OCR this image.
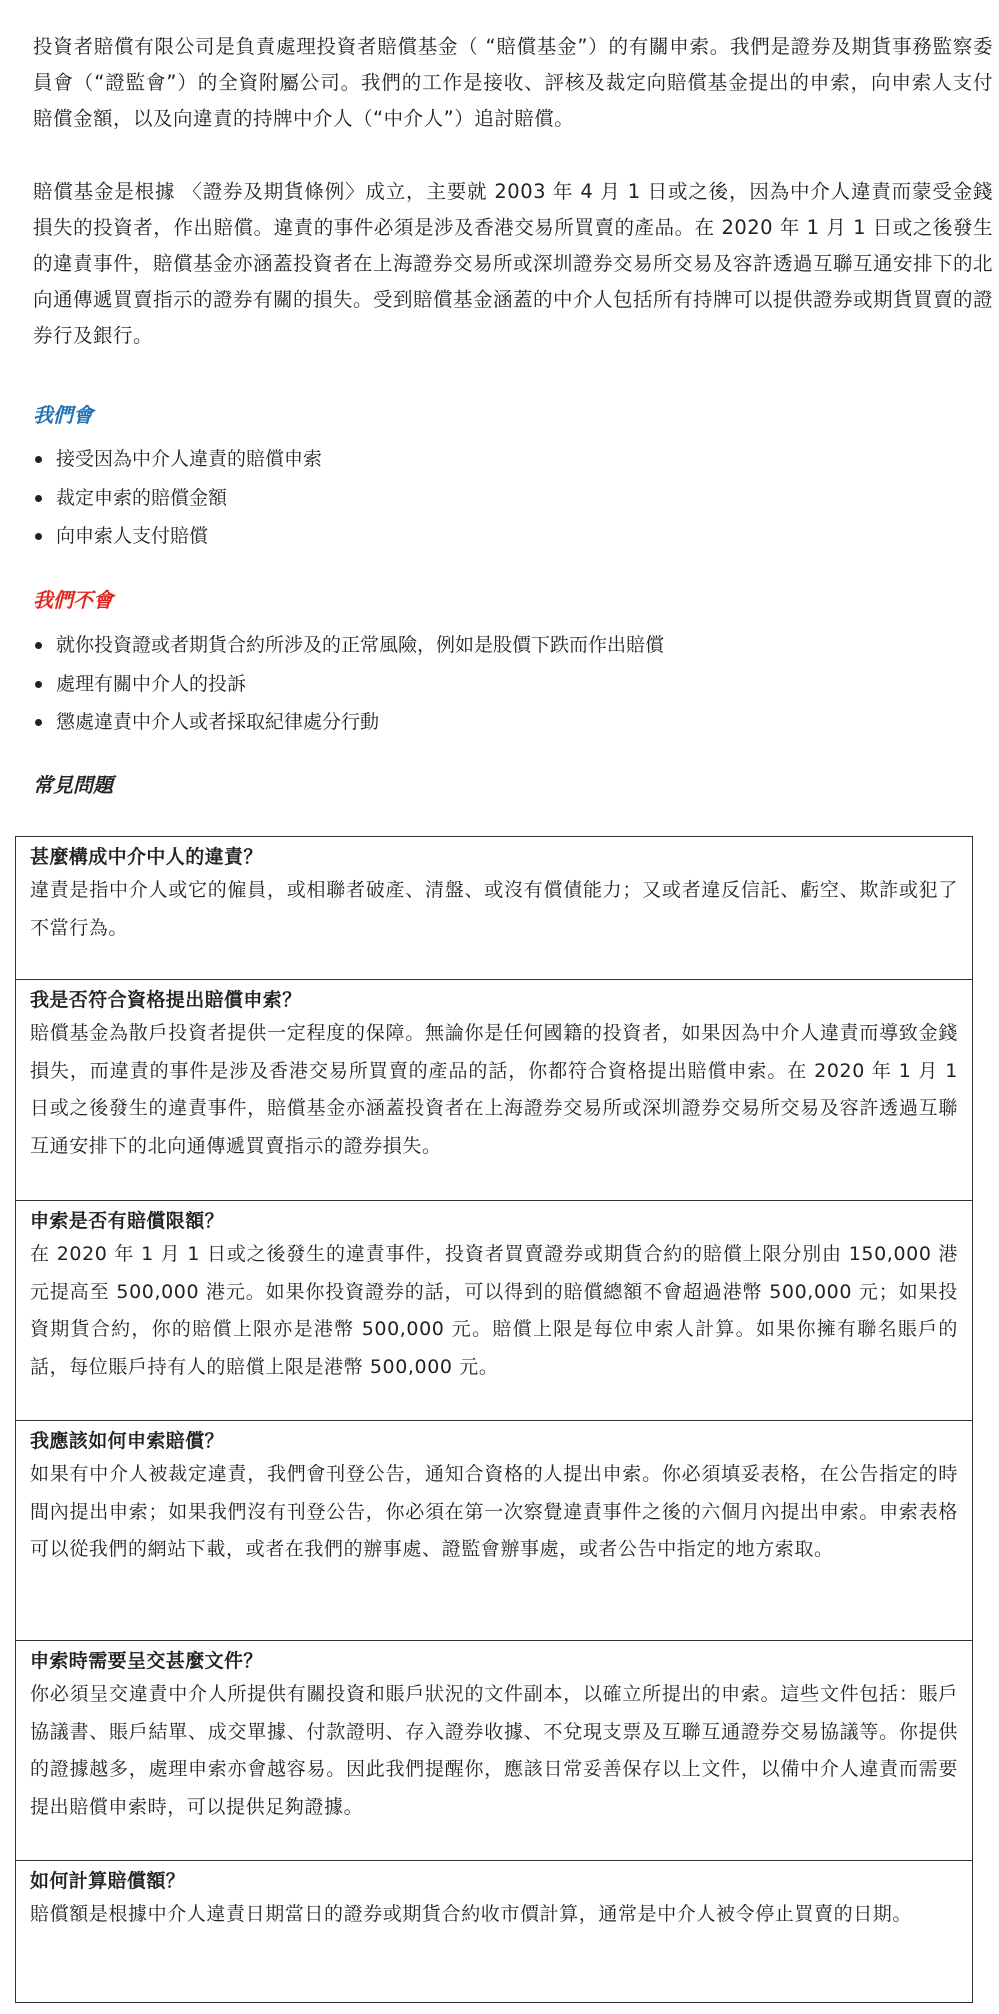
投資者賠償有限公司是負責處理投資者賠償基金（ “賠償基金”）的有關申索。我們是證券及期貨事務監察委員會（“證監會”）的全資附屬公司。我們的工作是接收、評核及裁定向賠償基金提出的申索，向申索人支付賠償金額，以及向違責的持牌中介人（“中介人”）追討賠償。

賠償基金是根據 〈證券及期貨條例〉成立，主要就 2003 年 4 月 1 日或之後，因為中介人違責而蒙受金錢損失的投資者，作出賠償。違責的事件必須是涉及香港交易所買賣的產品。在 2020 年 1 月 1 日或之後發生的違責事件，賠償基金亦涵蓋投資者在上海證券交易所或深圳證券交易所交易及容許透過互聯互通安排下的北向通傳遞買賣指示的證券有關的損失。受到賠償基金涵蓋的中介人包括所有持牌可以提供證券或期貨買賣的證券行及銀行。

我們會
接受因為中介人違責的賠償申索
裁定申索的賠償金額
向申索人支付賠償
我們不會
就你投資證或者期貨合約所涉及的正常風險，例如是股價下跌而作出賠償
處理有關中介人的投訴
懲處違責中介人或者採取紀律處分行動
常見問題
甚麼構成中介中人的違責？
違責是指中介人或它的僱員，或相聯者破產、清盤、或沒有償債能力；又或者違反信託、虧空、欺詐或犯了不當行為。
我是否符合資格提出賠償申索？
賠償基金為散戶投資者提供一定程度的保障。無論你是任何國籍的投資者，如果因為中介人違責而導致金錢損失，而違責的事件是涉及香港交易所買賣的產品的話，你都符合資格提出賠償申索。在 2020 年 1 月 1 日或之後發生的違責事件，賠償基金亦涵蓋投資者在上海證券交易所或深圳證券交易所交易及容許透過互聯互通安排下的北向通傳遞買賣指示的證券損失。
申索是否有賠償限額？
在 2020 年 1 月 1 日或之後發生的違責事件，投資者買賣證券或期貨合約的賠償上限分別由 150,000 港元提高至 500,000 港元。如果你投資證券的話，可以得到的賠償總額不會超過港幣 500,000 元；如果投資期貨合約，你的賠償上限亦是港幣 500,000 元。賠償上限是每位申索人計算。如果你擁有聯名賬戶的話，每位賬戶持有人的賠償上限是港幣 500,000 元。
我應該如何申索賠償？
如果有中介人被裁定違責，我們會刊登公告，通知合資格的人提出申索。你必須填妥表格，在公告指定的時間內提出申索；如果我們沒有刊登公告，你必須在第一次察覺違責事件之後的六個月內提出申索。申索表格可以從我們的網站下載，或者在我們的辦事處、證監會辦事處，或者公告中指定的地方索取。
申索時需要呈交甚麼文件？
你必須呈交違責中介人所提供有關投資和賬戶狀況的文件副本，以確立所提出的申索。這些文件包括：賬戶協議書、賬戶結單、成交單據、付款證明、存入證券收據、不兌現支票及互聯互通證券交易協議等。你提供的證據越多，處理申索亦會越容易。因此我們提醒你，應該日常妥善保存以上文件，以備中介人違責而需要提出賠償申索時，可以提供足夠證據。
如何計算賠償額？
賠償額是根據中介人違責日期當日的證券或期貨合約收市價計算，通常是中介人被令停止買賣的日期。
